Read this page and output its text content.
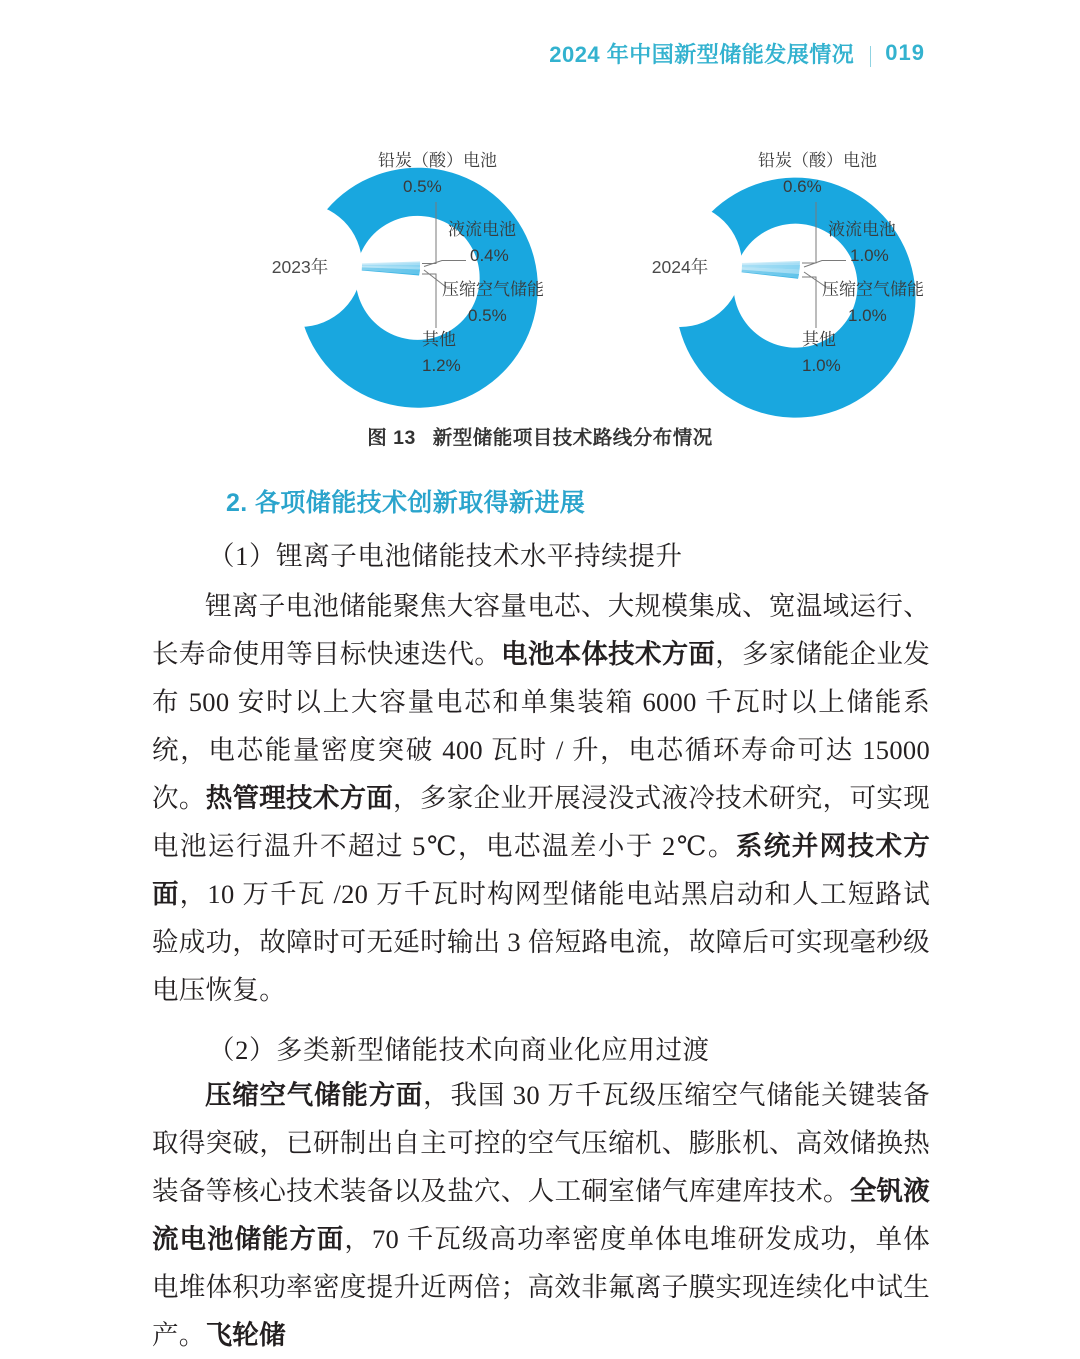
2024 年中国新型储能发展情况 019
2023年
锂离子电池
97.4%
铅炭（酸）电池
0.5%
液流电池
0.4%
压缩空气储能
0.5%
其他
1.2%
2024年
锂离子电池
96.4%
铅炭（酸）电池
0.6%
液流电池
1.0%
压缩空气储能
1.0%
其他
1.0%
图 13 新型储能项目技术路线分布情况
2. 各项储能技术创新取得新进展
（1）锂离子电池储能技术水平持续提升

锂离子电池储能聚焦大容量电芯、大规模集成、宽温域运行、长寿命使用等目标快速迭代。电池本体技术方面，多家储能企业发布 500 安时以上大容量电芯和单集装箱 6000 千瓦时以上储能系统，电芯能量密度突破 400 瓦时 / 升，电芯循环寿命可达 15000 次。热管理技术方面，多家企业开展浸没式液冷技术研究，可实现电池运行温升不超过 5℃，电芯温差小于 2℃。系统并网技术方面，10 万千瓦 /20 万千瓦时构网型储能电站黑启动和人工短路试验成功，故障时可无延时输出 3 倍短路电流，故障后可实现毫秒级电压恢复。

（2）多类新型储能技术向商业化应用过渡

压缩空气储能方面，我国 30 万千瓦级压缩空气储能关键装备取得突破，已研制出自主可控的空气压缩机、膨胀机、高效储换热装备等核心技术装备以及盐穴、人工硐室储气库建库技术。全钒液流电池储能方面，70 千瓦级高功率密度单体电堆研发成功，单体电堆体积功率密度提升近两倍；高效非氟离子膜实现连续化中试生产。飞轮储
